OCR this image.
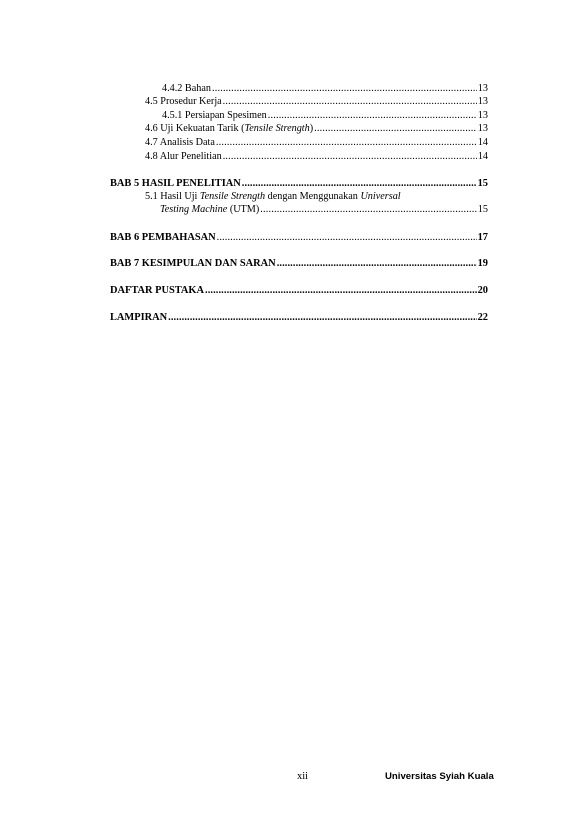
4.4.2 Bahan .....	13
4.5 Prosedur Kerja .....	13
4.5.1 Persiapan Spesimen .....	13
4.6 Uji Kekuatan Tarik (Tensile Strength) .....	13
4.7 Analisis Data .....	14
4.8 Alur Penelitian .....	14
BAB 5 HASIL PENELITIAN .....	15
5.1 Hasil Uji Tensile Strength dengan Menggunakan Universal
Testing Machine (UTM) .....	15
BAB 6 PEMBAHASAN .....	17
BAB 7 KESIMPULAN DAN SARAN .....	19
DAFTAR PUSTAKA .....	20
LAMPIRAN .....	22
xii	Universitas Syiah Kuala
